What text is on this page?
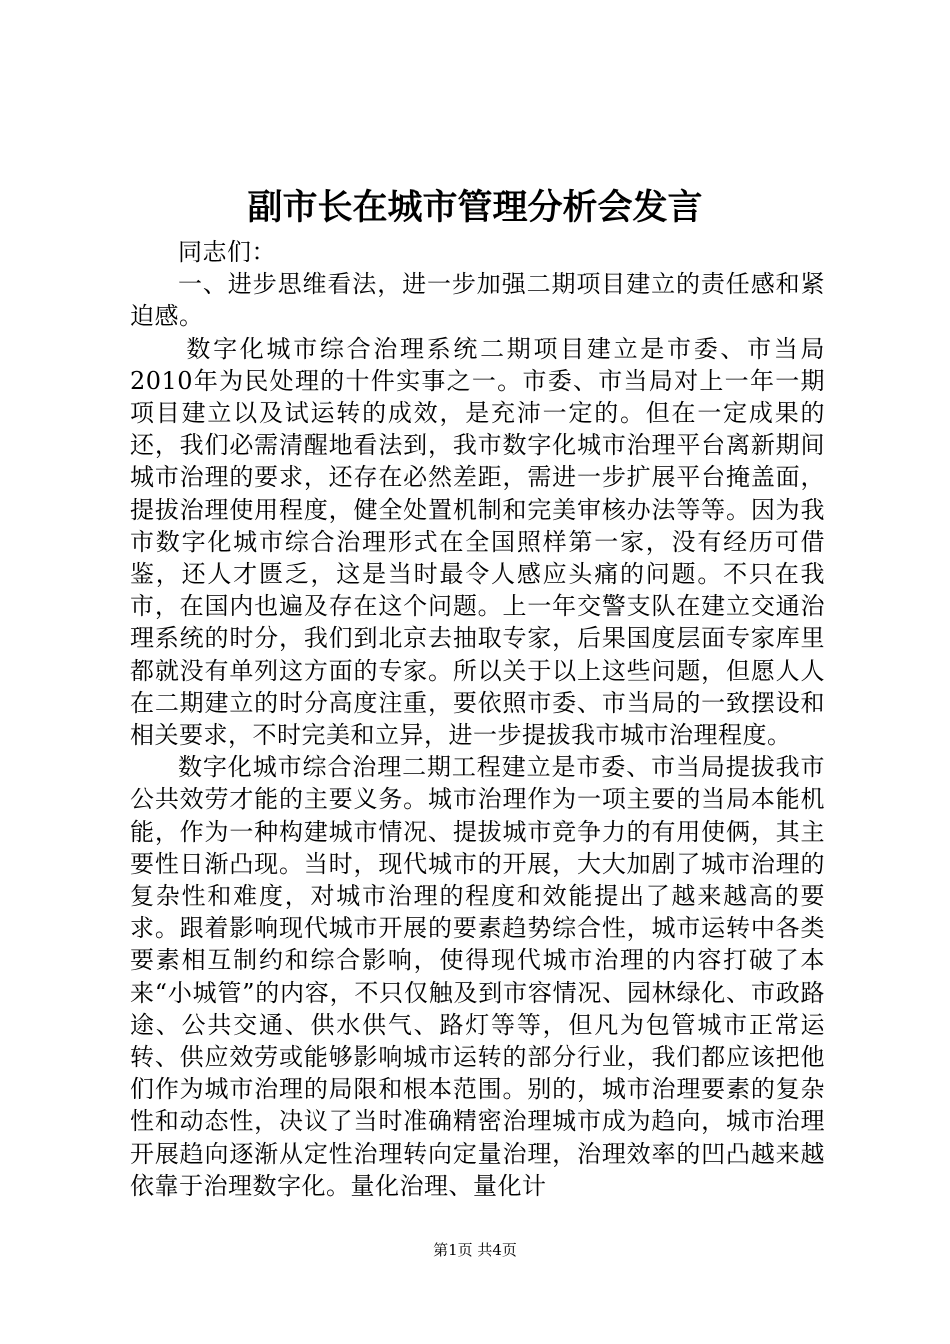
副市长在城市管理分析会发言

同志们：

一、进步思维看法，进一步加强二期项目建立的责任感和紧迫感。

数字化城市综合治理系统二期项目建立是市委、市当局2010年为民处理的十件实事之一。市委、市当局对上一年一期项目建立以及试运转的成效，是充沛一定的。但在一定成果的还，我们必需清醒地看法到，我市数字化城市治理平台离新期间城市治理的要求，还存在必然差距，需进一步扩展平台掩盖面，提拔治理使用程度，健全处置机制和完美审核办法等等。因为我市数字化城市综合治理形式在全国照样第一家，没有经历可借鉴，还人才匮乏，这是当时最令人感应头痛的问题。不只在我市，在国内也遍及存在这个问题。上一年交警支队在建立交通治理系统的时分，我们到北京去抽取专家，后果国度层面专家库里都就没有单列这方面的专家。所以关于以上这些问题，但愿人人在二期建立的时分高度注重，要依照市委、市当局的一致摆设和相关要求，不时完美和立异，进一步提拔我市城市治理程度。

数字化城市综合治理二期工程建立是市委、市当局提拔我市公共效劳才能的主要义务。城市治理作为一项主要的当局本能机能，作为一种构建城市情况、提拔城市竞争力的有用使俩，其主要性日渐凸现。当时，现代城市的开展，大大加剧了城市治理的复杂性和难度，对城市治理的程度和效能提出了越来越高的要求。跟着影响现代城市开展的要素趋势综合性，城市运转中各类要素相互制约和综合影响，使得现代城市治理的内容打破了本来“小城管”的内容，不只仅触及到市容情况、园林绿化、市政路途、公共交通、供水供气、路灯等等，但凡为包管城市正常运转、供应效劳或能够影响城市运转的部分行业，我们都应该把他们作为城市治理的局限和根本范围。别的，城市治理要素的复杂性和动态性，决议了当时准确精密治理城市成为趋向，城市治理开展趋向逐渐从定性治理转向定量治理，治理效率的凹凸越来越依靠于治理数字化。量化治理、量化计

第1页 共4页
